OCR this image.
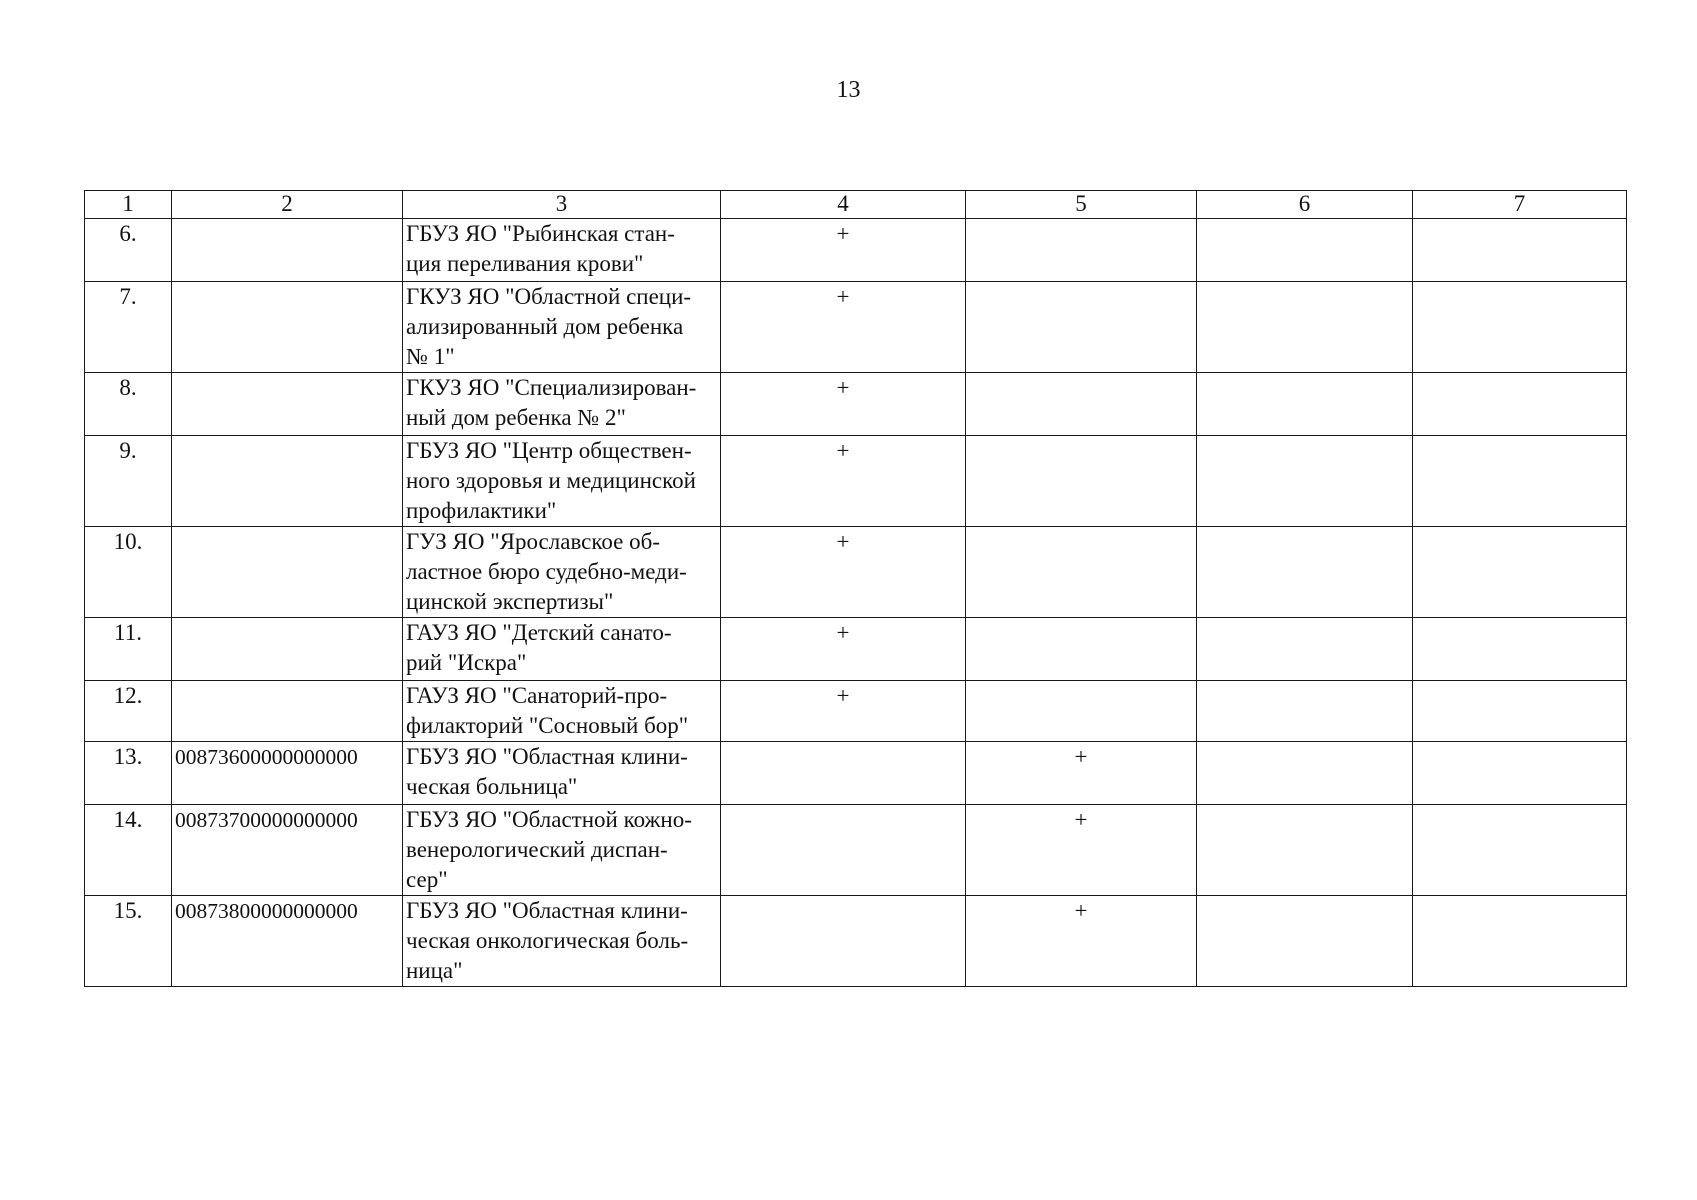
13
1	2	3	4	5	6	7
6.		ГБУЗ ЯО "Рыбинская стан-
ция переливания крови"	+			
7.		ГКУЗ ЯО "Областной специ-
ализированный дом ребенка
№ 1"	+			
8.		ГКУЗ ЯО "Специализирован-
ный дом ребенка № 2"	+			
9.		ГБУЗ ЯО "Центр обществен-
ного здоровья и медицинской
профилактики"	+			
10.		ГУЗ ЯО "Ярославское об-
ластное бюро судебно-меди-
цинской экспертизы"	+			
11.		ГАУЗ ЯО "Детский санато-
рий "Искра"	+			
12.		ГАУЗ ЯО "Санаторий-про-
филакторий "Сосновый бор"	+			
13.	00873600000000000	ГБУЗ ЯО "Областная клини-
ческая больница"		+		
14.	00873700000000000	ГБУЗ ЯО "Областной кожно-
венерологический диспан-
сер"		+		
15.	00873800000000000	ГБУЗ ЯО "Областная клини-
ческая онкологическая боль-
ница"		+		
